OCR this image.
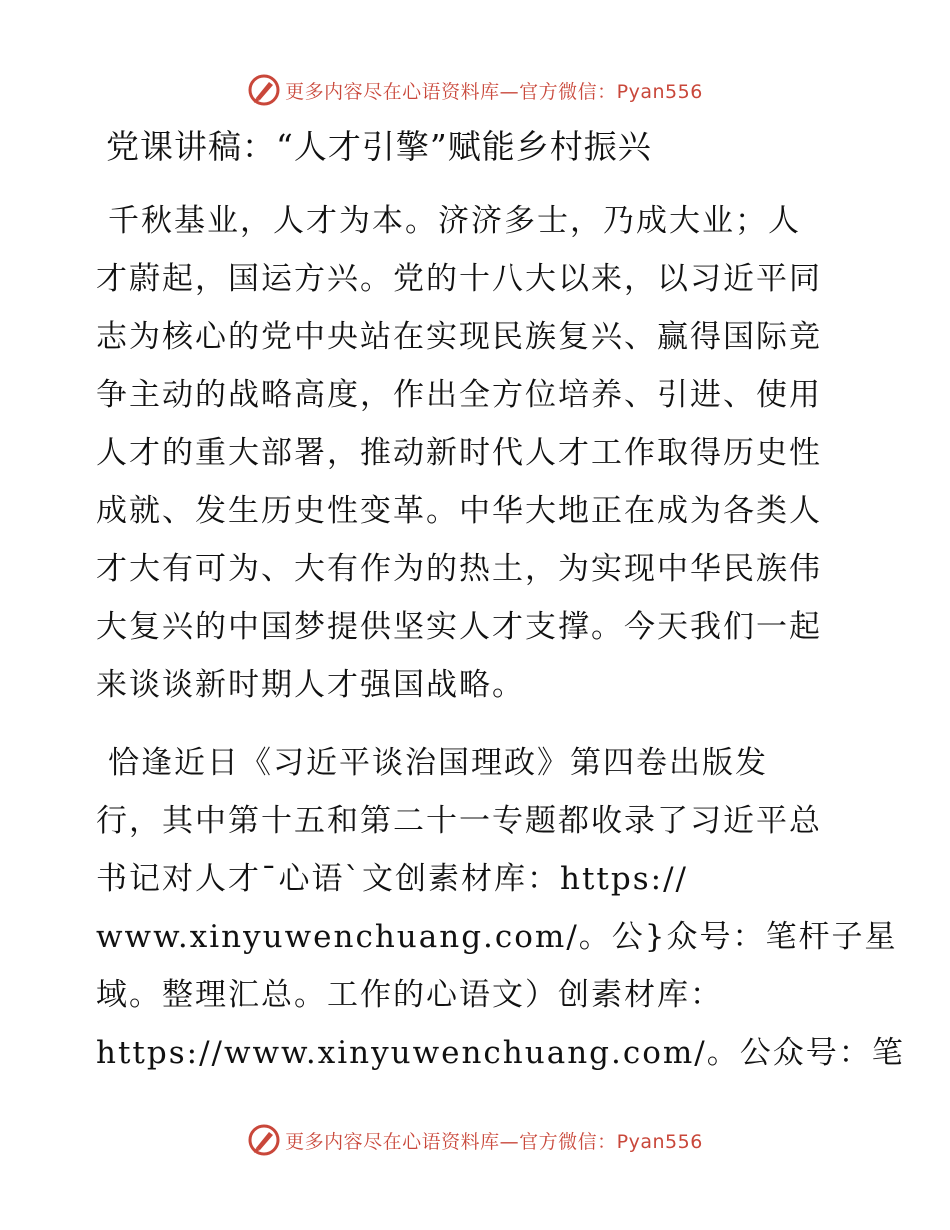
更多内容尽在心语资料库—官方微信：Pyan556
党课讲稿：“人才引擎”赋能乡村振兴
千秋基业，人才为本。济济多士，乃成大业；人
才蔚起，国运方兴。党的十八大以来，以习近平同
志为核心的党中央站在实现民族复兴、赢得国际竞
争主动的战略高度，作出全方位培养、引进、使用
人才的重大部署，推动新时代人才工作取得历史性
成就、发生历史性变革。中华大地正在成为各类人
才大有可为、大有作为的热土，为实现中华民族伟
大复兴的中国梦提供坚实人才支撑。今天我们一起
来谈谈新时期人才强国战略。
恰逢近日《习近平谈治国理政》第四卷出版发
行，其中第十五和第二十一专题都收录了习近平总
书记对人才¯心语`文创素材库：https://
www.xinyuwenchuang.com/。公}众号：笔杆子星
域。整理汇总。工作的心语文）创素材库：
https://www.xinyuwenchuang.com/。公众号：笔
更多内容尽在心语资料库—官方微信：Pyan556
